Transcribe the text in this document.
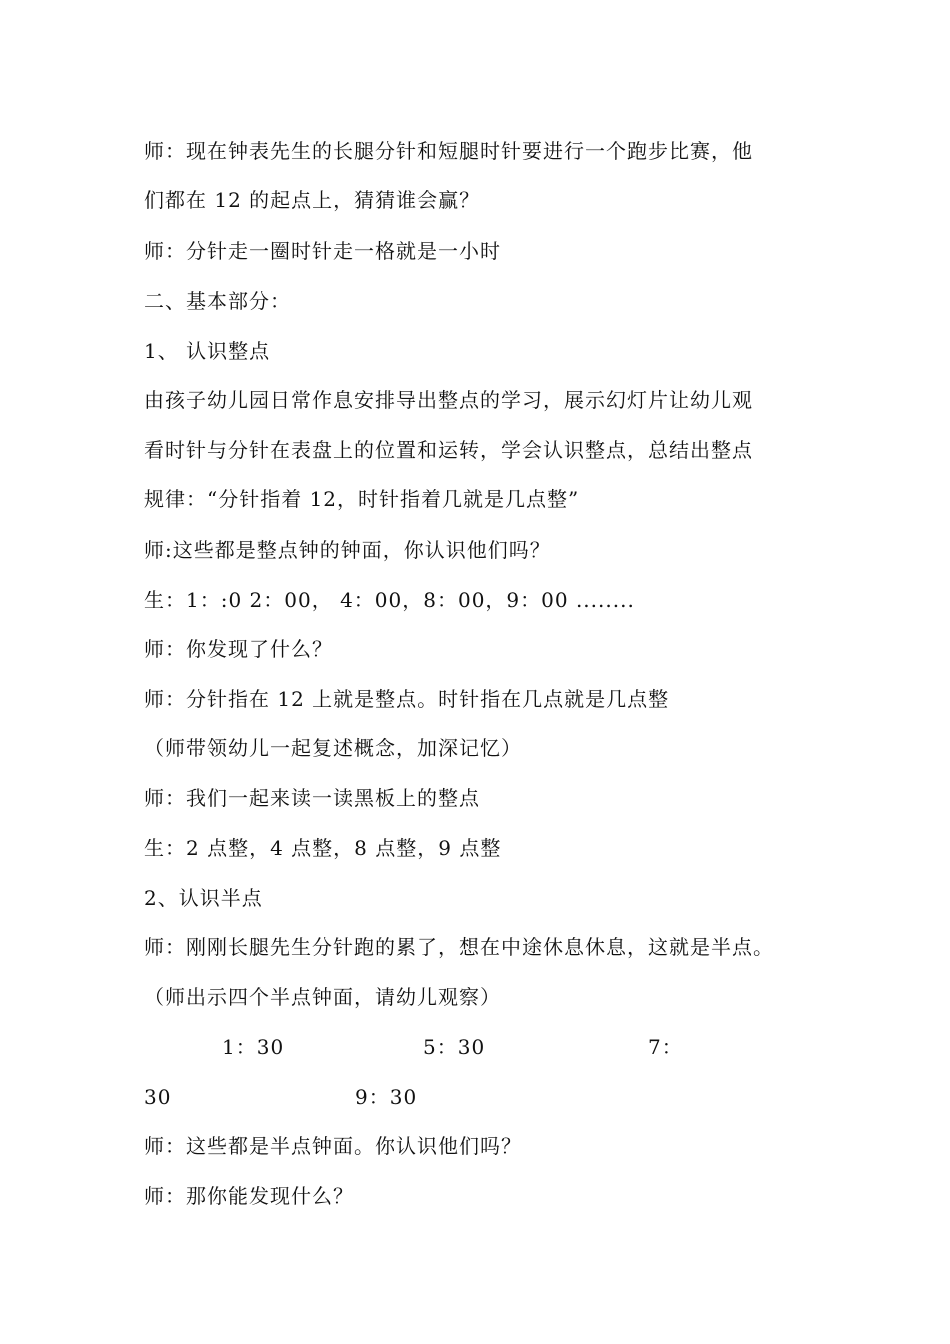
师：现在钟表先生的长腿分针和短腿时针要进行一个跑步比赛，他
们都在 12 的起点上，猜猜谁会赢？
师：分针走一圈时针走一格就是一小时
二、基本部分：
1、 认识整点
由孩子幼儿园日常作息安排导出整点的学习，展示幻灯片让幼儿观
看时针与分针在表盘上的位置和运转，学会认识整点，总结出整点
规律：“分针指着 12，时针指着几就是几点整”
师:这些都是整点钟的钟面，你认识他们吗？
生：1：:0 2：00， 4：00，8：00，9：00 ........
师：你发现了什么？
师：分针指在 12 上就是整点。时针指在几点就是几点整
（师带领幼儿一起复述概念，加深记忆）
师：我们一起来读一读黑板上的整点
生：2 点整，4 点整，8 点整，9 点整
2、认识半点
师：刚刚长腿先生分针跑的累了，想在中途休息休息，这就是半点。
（师出示四个半点钟面，请幼儿观察）
1：30	5：30	7：
30	9：30
师：这些都是半点钟面。你认识他们吗？
师：那你能发现什么？
